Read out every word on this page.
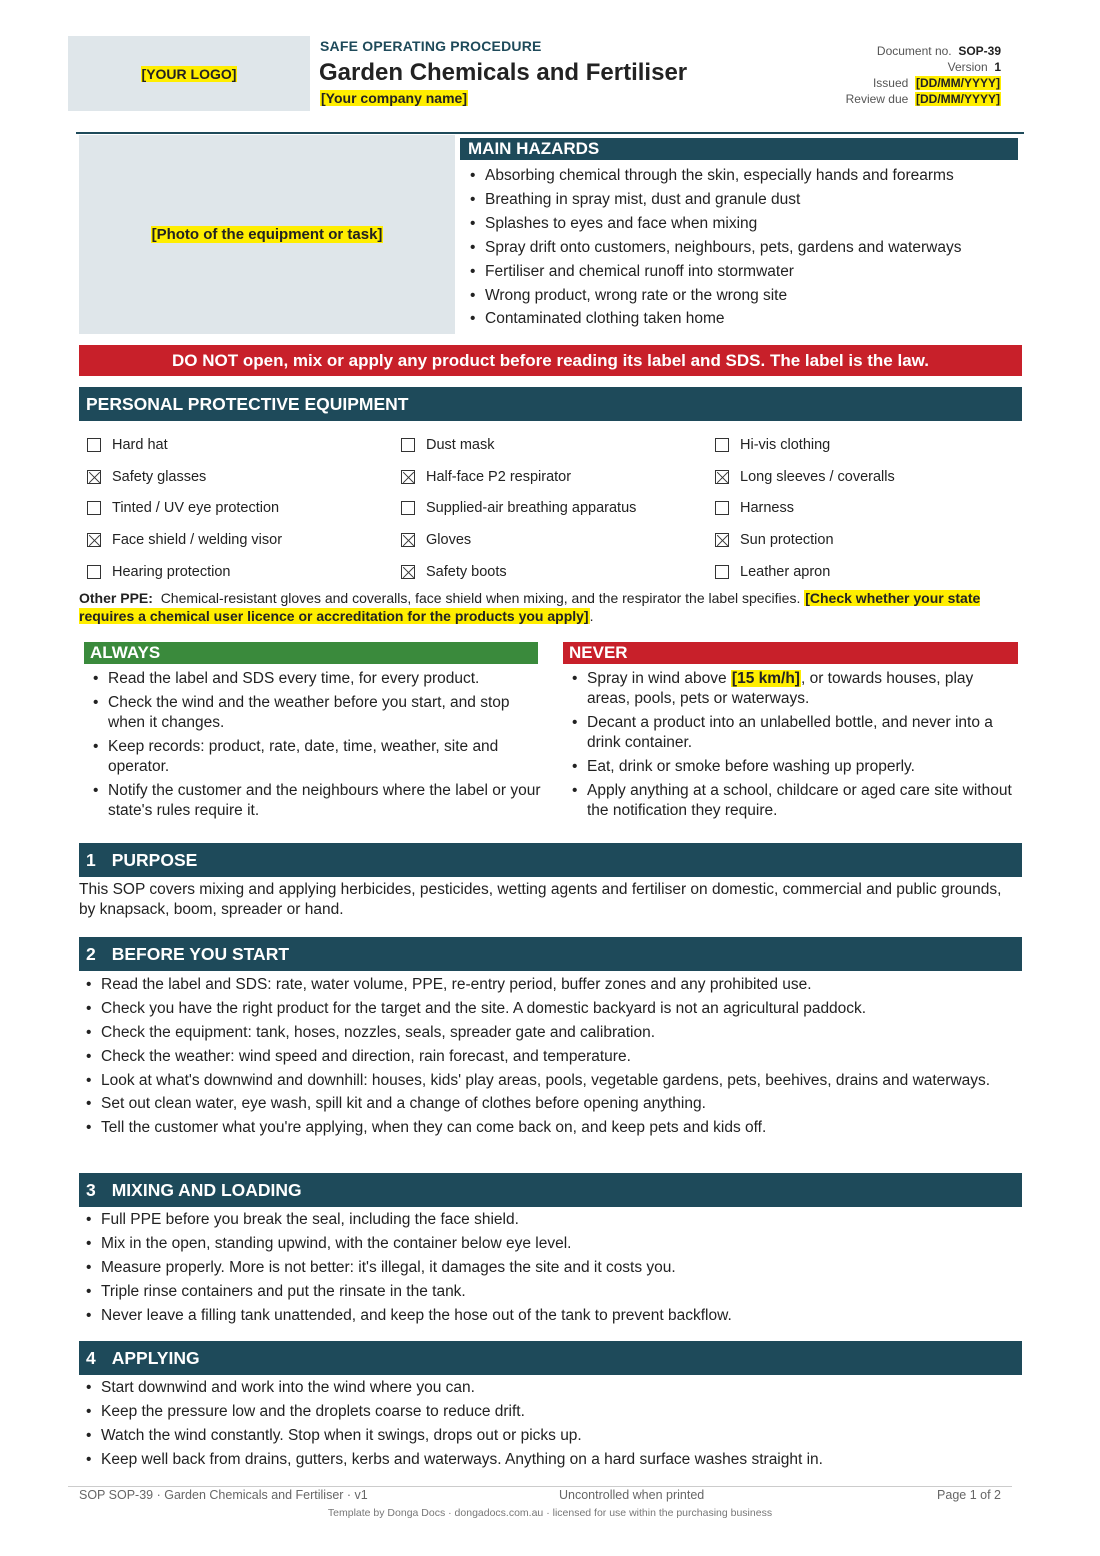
[YOUR LOGO]
SAFE OPERATING PROCEDURE
Garden Chemicals and Fertiliser
[Your company name]
Document no. SOP-39
Version 1
Issued [DD/MM/YYYY]
Review due [DD/MM/YYYY]
[Photo of the equipment or task]
MAIN HAZARDS
• Absorbing chemical through the skin, especially hands and forearms
• Breathing in spray mist, dust and granule dust
• Splashes to eyes and face when mixing
• Spray drift onto customers, neighbours, pets, gardens and waterways
• Fertiliser and chemical runoff into stormwater
• Wrong product, wrong rate or the wrong site
• Contaminated clothing taken home
DO NOT open, mix or apply any product before reading its label and SDS. The label is the law.
PERSONAL PROTECTIVE EQUIPMENT
Hard hat	Dust mask	Hi-vis clothing
Safety glasses	Half-face P2 respirator	Long sleeves / coveralls
Tinted / UV eye protection	Supplied-air breathing apparatus	Harness
Face shield / welding visor	Gloves	Sun protection
Hearing protection	Safety boots	Leather apron
Other PPE: Chemical-resistant gloves and coveralls, face shield when mixing, and the respirator the label specifies. [Check whether your state requires a chemical user licence or accreditation for the products you apply].
ALWAYS
• Read the label and SDS every time, for every product.
• Check the wind and the weather before you start, and stop when it changes.
• Keep records: product, rate, date, time, weather, site and operator.
• Notify the customer and the neighbours where the label or your state's rules require it.
NEVER
• Spray in wind above [15 km/h], or towards houses, play areas, pools, pets or waterways.
• Decant a product into an unlabelled bottle, and never into a drink container.
• Eat, drink or smoke before washing up properly.
• Apply anything at a school, childcare or aged care site without the notification they require.
1 PURPOSE
This SOP covers mixing and applying herbicides, pesticides, wetting agents and fertiliser on domestic, commercial and public grounds, by knapsack, boom, spreader or hand.
2 BEFORE YOU START
• Read the label and SDS: rate, water volume, PPE, re-entry period, buffer zones and any prohibited use.
• Check you have the right product for the target and the site. A domestic backyard is not an agricultural paddock.
• Check the equipment: tank, hoses, nozzles, seals, spreader gate and calibration.
• Check the weather: wind speed and direction, rain forecast, and temperature.
• Look at what's downwind and downhill: houses, kids' play areas, pools, vegetable gardens, pets, beehives, drains and waterways.
• Set out clean water, eye wash, spill kit and a change of clothes before opening anything.
• Tell the customer what you're applying, when they can come back on, and keep pets and kids off.
3 MIXING AND LOADING
• Full PPE before you break the seal, including the face shield.
• Mix in the open, standing upwind, with the container below eye level.
• Measure properly. More is not better: it's illegal, it damages the site and it costs you.
• Triple rinse containers and put the rinsate in the tank.
• Never leave a filling tank unattended, and keep the hose out of the tank to prevent backflow.
4 APPLYING
• Start downwind and work into the wind where you can.
• Keep the pressure low and the droplets coarse to reduce drift.
• Watch the wind constantly. Stop when it swings, drops out or picks up.
• Keep well back from drains, gutters, kerbs and waterways. Anything on a hard surface washes straight in.
SOP SOP-39 · Garden Chemicals and Fertiliser · v1	Uncontrolled when printed	Page 1 of 2
Template by Donga Docs · dongadocs.com.au · licensed for use within the purchasing business
